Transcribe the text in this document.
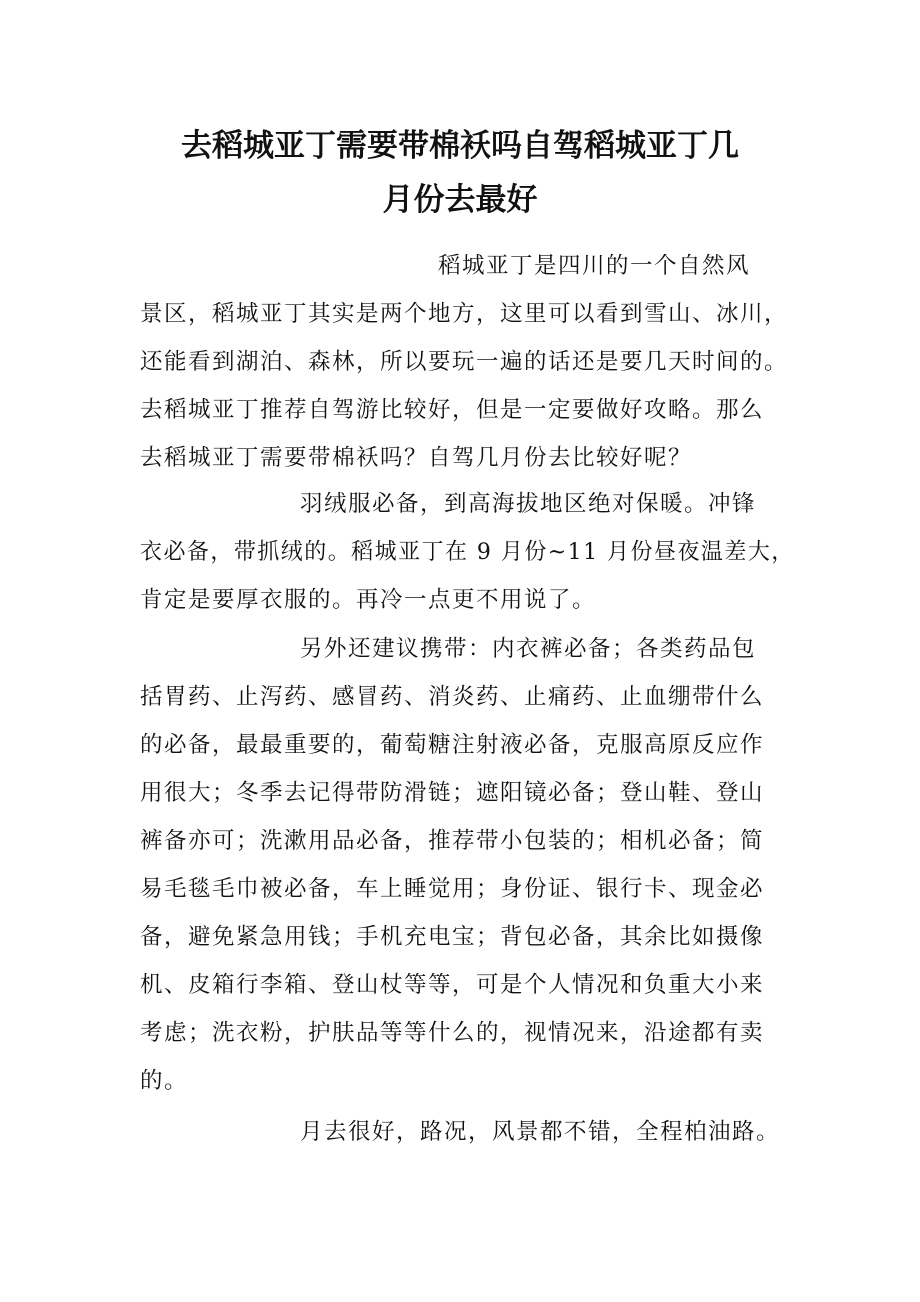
去稻城亚丁需要带棉袄吗自驾稻城亚丁几
月份去最好
稻城亚丁是四川的一个自然风
景区，稻城亚丁其实是两个地方，这里可以看到雪山、冰川，
还能看到湖泊、森林，所以要玩一遍的话还是要几天时间的。
去稻城亚丁推荐自驾游比较好，但是一定要做好攻略。那么
去稻城亚丁需要带棉袄吗？自驾几月份去比较好呢？
羽绒服必备，到高海拔地区绝对保暖。冲锋
衣必备，带抓绒的。稻城亚丁在 9 月份~11 月份昼夜温差大，
肯定是要厚衣服的。再冷一点更不用说了。
另外还建议携带：内衣裤必备；各类药品包
括胃药、止泻药、感冒药、消炎药、止痛药、止血绷带什么
的必备，最最重要的，葡萄糖注射液必备，克服高原反应作
用很大；冬季去记得带防滑链；遮阳镜必备；登山鞋、登山
裤备亦可；洗漱用品必备，推荐带小包装的；相机必备；简
易毛毯毛巾被必备，车上睡觉用；身份证、银行卡、现金必
备，避免紧急用钱；手机充电宝；背包必备，其余比如摄像
机、皮箱行李箱、登山杖等等，可是个人情况和负重大小来
考虑；洗衣粉，护肤品等等什么的，视情况来，沿途都有卖
的。
月去很好，路况，风景都不错，全程柏油路。
